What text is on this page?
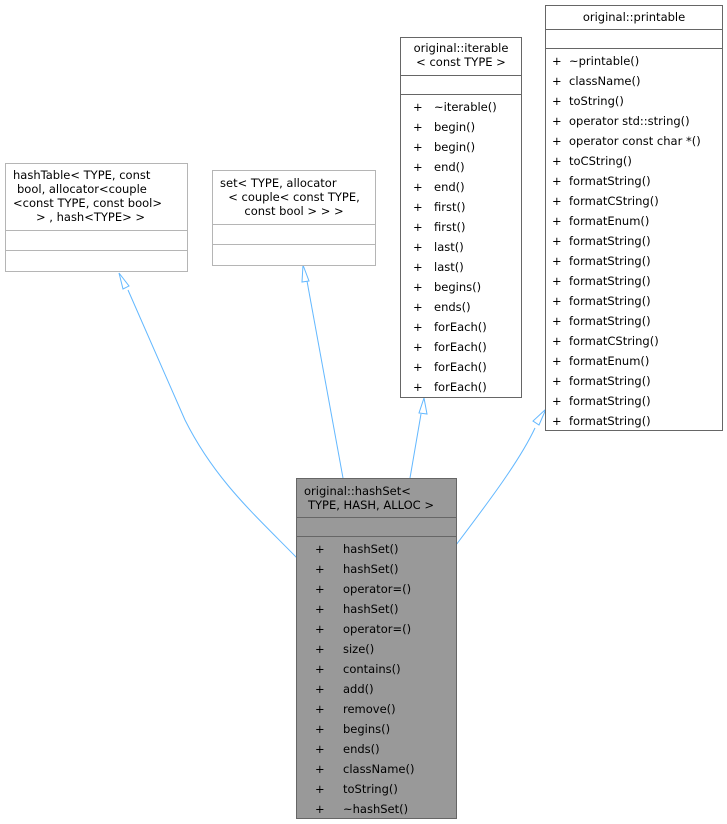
hashTable< TYPE, const
bool, allocator<couple
<const TYPE, const bool>
> , hash<TYPE> >
set< TYPE, allocator
< couple< const TYPE,
const bool > > >
original::iterable
< const TYPE >
+ ~iterable()
+ begin()
+ begin()
+ end()
+ end()
+ first()
+ first()
+ last()
+ last()
+ begins()
+ ends()
+ forEach()
+ forEach()
+ forEach()
+ forEach()
original::printable
+ ~printable()
+ className()
+ toString()
+ operator std::string()
+ operator const char *()
+ toCString()
+ formatString()
+ formatCString()
+ formatEnum()
+ formatString()
+ formatString()
+ formatString()
+ formatString()
+ formatString()
+ formatCString()
+ formatEnum()
+ formatString()
+ formatString()
+ formatString()
original::hashSet<
TYPE, HASH, ALLOC >
+ hashSet()
+ hashSet()
+ operator=()
+ hashSet()
+ operator=()
+ size()
+ contains()
+ add()
+ remove()
+ begins()
+ ends()
+ className()
+ toString()
+ ~hashSet()
